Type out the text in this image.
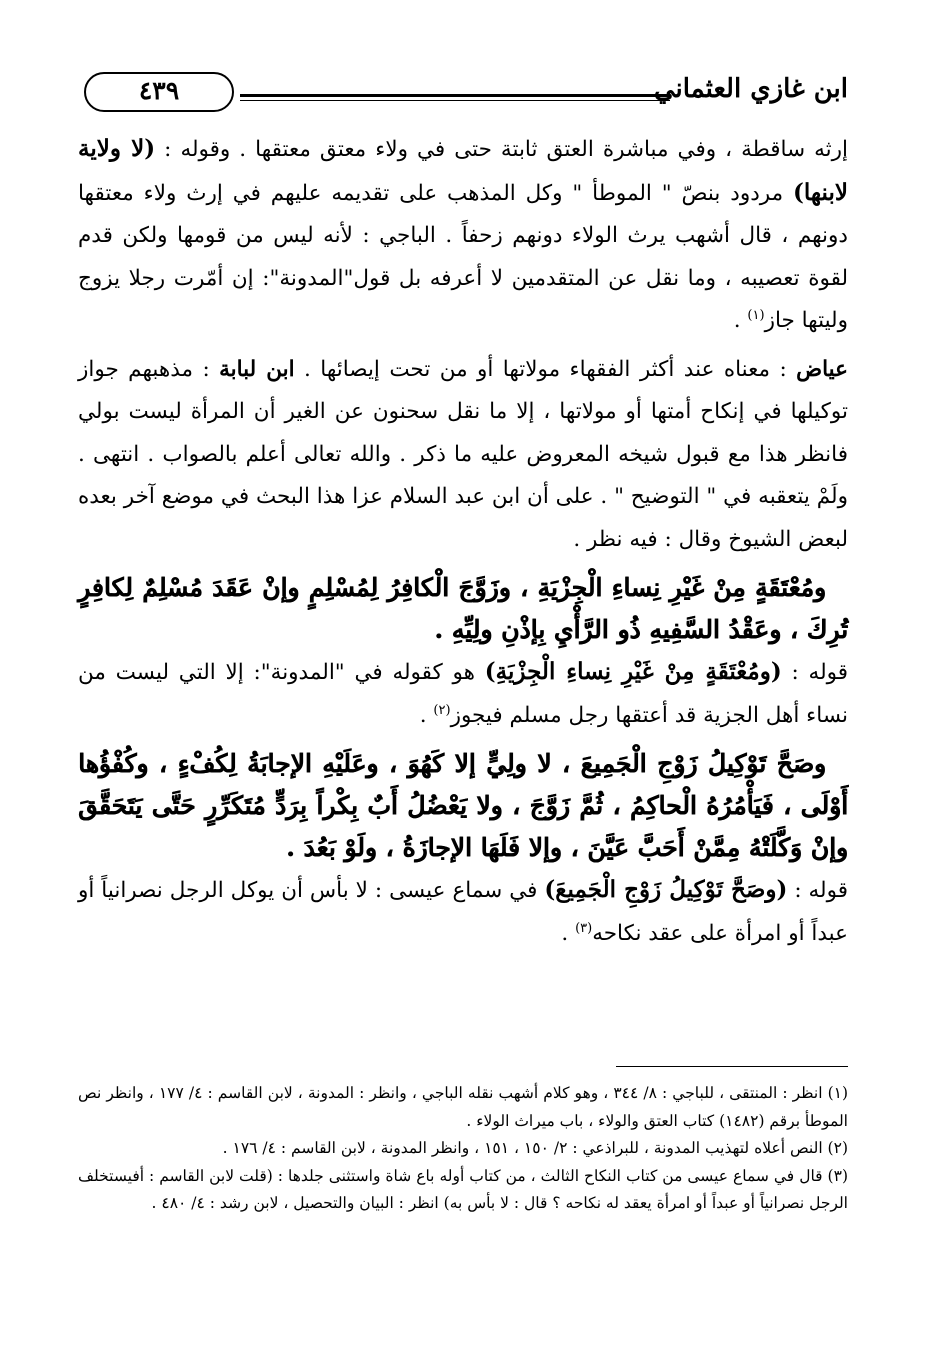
ابن غازي العثماني
٤٣٩

إرثه ساقطة ، وفي مباشرة العتق ثابتة حتى في ولاء معتق معتقها . وقوله : (لا ولاية لابنها) مردود بنصّ " الموطأ " وكل المذهب على تقديمه عليهم في إرث ولاء معتقها دونهم ، قال أشهب يرث الولاء دونهم زحفاً . الباجي : لأنه ليس من قومها ولكن قدم لقوة تعصيبه ، وما نقل عن المتقدمين لا أعرفه بل قول"المدونة": إن أمّرت رجلا يزوج وليتها جاز$^{(١)}$ .

عياض : معناه عند أكثر الفقهاء مولاتها أو من تحت إيصائها . ابن لبابة : مذهبهم جواز توكيلها في إنكاح أمتها أو مولاتها ، إلا ما نقل سحنون عن الغير أن المرأة ليست بولي فانظر هذا مع قبول شيخه المعروض عليه ما ذكر . والله تعالى أعلم بالصواب . انتهى . ولَمْ يتعقبه في " التوضيح " . على أن ابن عبد السلام عزا هذا البحث في موضع آخر بعده لبعض الشيوخ وقال : فيه نظر .

ومُعْتَقَةٍ مِنْ غَيْرِ نِساءِ الْجِزْيَةِ ، وزَوَّجَ الْكافِرُ لِمُسْلِمٍ وإنْ عَقَدَ مُسْلِمٌ لِكافِرٍ تُرِكَ ، وعَقْدُ السَّفِيهِ ذُو الرَّأْيِ بِإذْنِ ولِيِّهِ .

قوله : (ومُعْتَقَةٍ مِنْ غَيْرِ نِساءِ الْجِزْيَةِ) هو كقوله في "المدونة": إلا التي ليست من نساء أهل الجزية قد أعتقها رجل مسلم فيجوز$^{(٢)}$ .

وصَحَّ تَوْكِيلُ زَوْجِ الْجَمِيعَ ، لا ولِيٍّ إلا كَهُوَ ، وعَلَيْهِ الإجابَةُ لِكُفْءٍ ، وكُفْؤُها أَوْلَى ، فَيَأْمُرُهُ الْحاكِمُ ، ثُمَّ زَوَّجَ ، ولا يَعْضُلُ أَبٌ بِكْراً بِرَدٍّ مُتَكَرِّرٍ حَتَّى يَتَحَقَّقَ وإنْ وَكَّلَتْهُ مِمَّنْ أَحَبَّ عَيَّنَ ، وإلا فَلَهَا الإجازَةُ ، ولَوْ بَعُدَ .

قوله : (وصَحَّ تَوْكِيلُ زَوْجِ الْجَمِيعَ) في سماع عيسى : لا بأس أن يوكل الرجل نصرانياً أو عبداً أو امرأة على عقد نكاحه$^{(٣)}$ .

(١) انظر : المنتقى ، للباجي : ٨/ ٣٤٤ ، وهو كلام أشهب نقله الباجي ، وانظر : المدونة ، لابن القاسم : ٤/ ١٧٧ ، وانظر نص الموطأ برقم (١٤٨٢) كتاب العتق والولاء ، باب ميراث الولاء .

(٢) النص أعلاه لتهذيب المدونة ، للبراذعي : ٢/ ١٥٠ ، ١٥١ ، وانظر المدونة ، لابن القاسم : ٤/ ١٧٦ .

(٣) قال في سماع عيسى من كتاب النكاح الثالث ، من كتاب أوله باع شاة واستثنى جلدها : (قلت لابن القاسم : أفيستخلف الرجل نصرانياً أو عبداً أو امرأة يعقد له نكاحه ؟ قال : لا بأس به) انظر : البيان والتحصيل ، لابن رشد : ٤/ ٤٨٠ .
